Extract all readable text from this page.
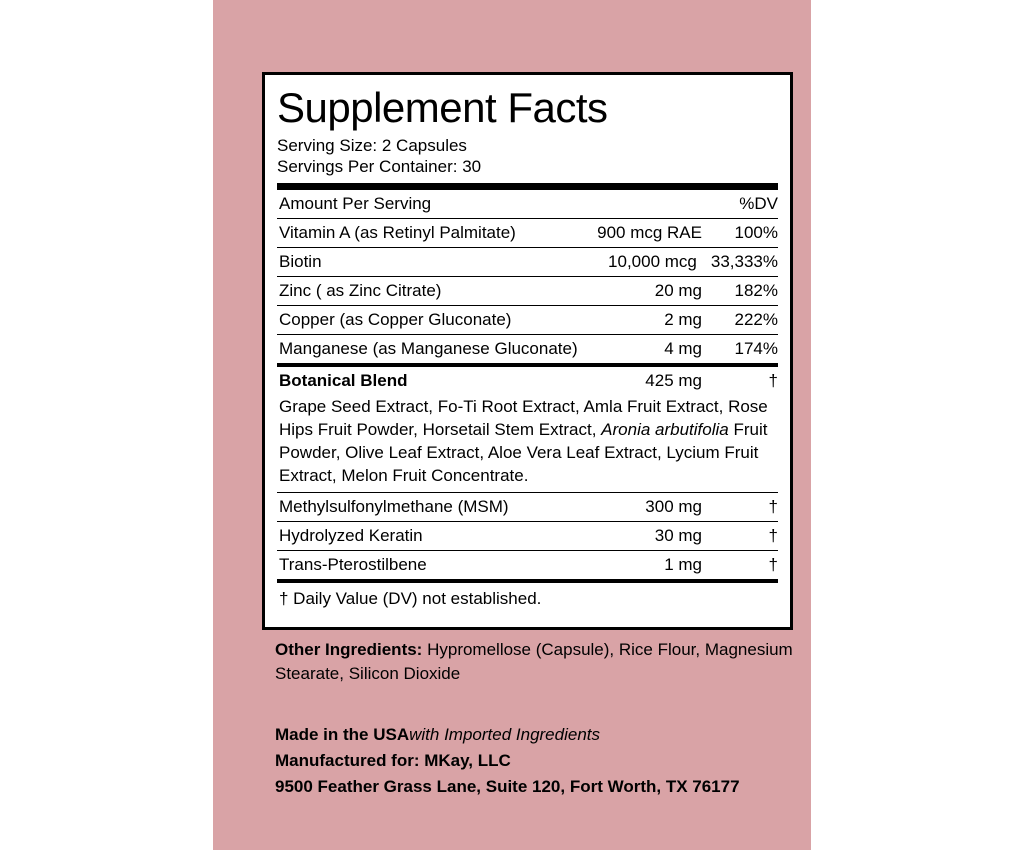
Supplement Facts
Serving Size: 2 Capsules
Servings Per Container: 30
Amount Per Serving	%DV
Vitamin A (as Retinyl Palmitate)	900 mcg RAE	100%
Biotin	10,000 mcg 33,333%
Zinc ( as Zinc Citrate)	20 mg	182%
Copper (as Copper Gluconate)	2 mg	222%
Manganese (as Manganese Gluconate)	4 mg	174%
Botanical Blend	425 mg	†
Grape Seed Extract, Fo-Ti Root Extract, Amla Fruit Extract, Rose Hips Fruit Powder, Horsetail Stem Extract, Aronia arbutifolia Fruit Powder, Olive Leaf Extract, Aloe Vera Leaf Extract, Lycium Fruit Extract, Melon Fruit Concentrate.
Methylsulfonylmethane (MSM)	300 mg	†
Hydrolyzed Keratin	30 mg	†
Trans-Pterostilbene	1 mg	†
† Daily Value (DV) not established.
Other Ingredients: Hypromellose (Capsule), Rice Flour, Magnesium Stearate, Silicon Dioxide
Made in the USAwith Imported Ingredients
Manufactured for: MKay, LLC
9500 Feather Grass Lane, Suite 120, Fort Worth, TX 76177
